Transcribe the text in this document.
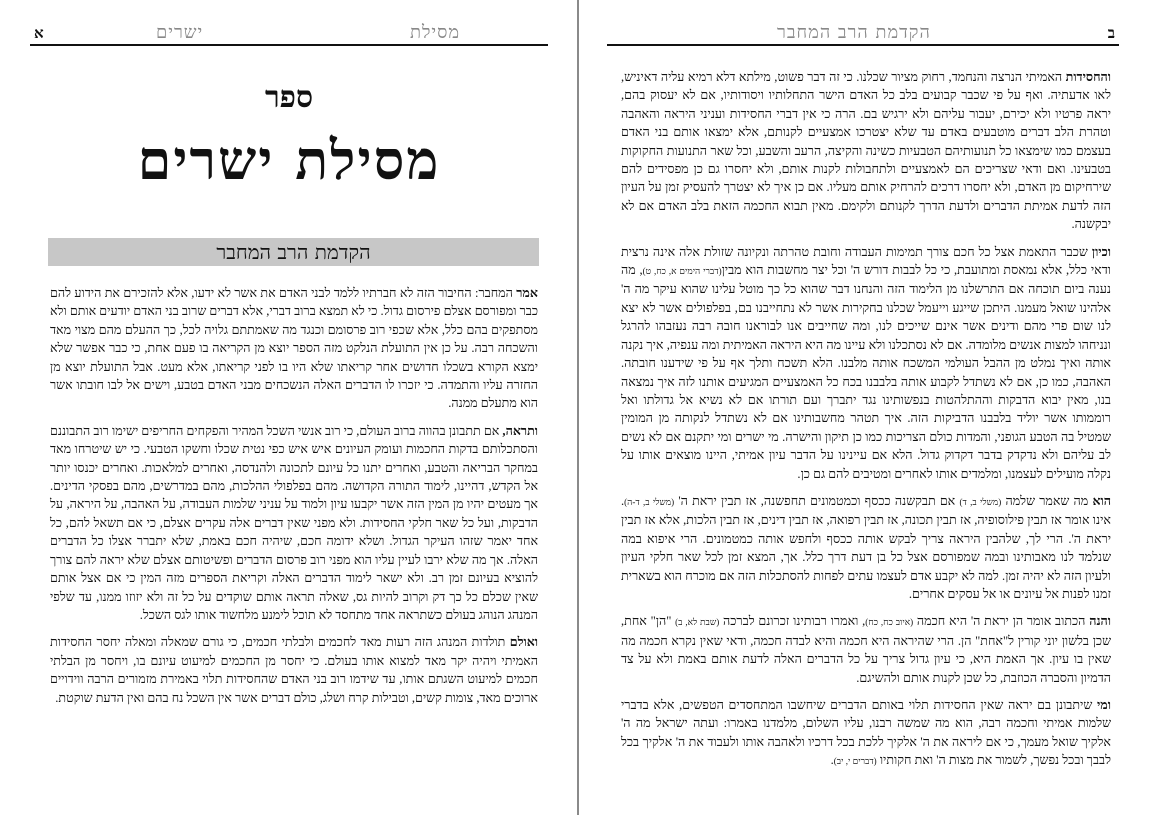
א	ישרים	מסילת
ספר
מסילת ישרים
הקדמת הרב המחבר

אמר המחבר: החיבור הזה לא חברתיו ללמד לבני האדם את אשר לא ידעו, אלא להזכירם את הידוע להם כבר ומפורסם אצלם פירסום גדול. כי לא תמצא ברוב דברי, אלא דברים שרוב בני האדם יודעים אותם ולא מסתפקים בהם כלל, אלא שכפי רוב פרסומם וכנגד מה שאמתתם גלויה לכל, כך ההעלם מהם מצוי מאד והשכחה רבה. על כן אין התועלת הנלקט מזה הספר יוצא מן הקריאה בו פעם אחת, כי כבר אפשר שלא ימצא הקורא בשכלו חדושים אחר קריאתו שלא היו בו לפני קריאתו, אלא מעט. אבל התועלת יוצא מן החזרה עליו והתמדה. כי יזכרו לו הדברים האלה הנשכחים מבני האדם בטבע, וישים אל לבו חובתו אשר הוא מתעלם ממנה.

ותראה, אם תתבונן בהווה ברוב העולם, כי רוב אנשי השכל המהיר והפקחים החריפים ישימו רוב התבוננם והסתכלותם בדקות החכמות ועומק העיונים איש איש כפי נטית שכלו וחשקו הטבעי. כי יש שיטרחו מאד במחקר הבריאה והטבע, ואחרים יתנו כל עיונם לתכונה ולהנדסה, ואחרים למלאכות. ואחרים יכנסו יותר אל הקדש, דהיינו, לימוד התורה הקדושה. מהם בפלפולי ההלכות, מהם במדרשים, מהם בפסקי הדינים. אך מעטים יהיו מן המין הזה אשר יקבעו עיון ולמוד על עניני שלמות העבודה, על האהבה, על היראה, על הדבקות, ועל כל שאר חלקי החסידות. ולא מפני שאין דברים אלה עקרים אצלם, כי אם תשאל להם, כל אחד יאמר שזהו העיקר הגדול. ושלא ידומה חכם, שיהיה חכם באמת, שלא יתברר אצלו כל הדברים האלה. אך מה שלא ירבו לעיין עליו הוא מפני רוב פרסום הדברים ופשיטותם אצלם שלא יראה להם צורך להוציא בעיונם זמן רב. ולא ישאר לימוד הדברים האלה וקריאת הספרים מזה המין כי אם אצל אותם שאין שכלם כל כך דק וקרוב להיות גס, שאלה תראה אותם שוקדים על כל זה ולא יזוזו ממנו, עד שלפי המנהג הנוהג בעולם כשתראה אחד מתחסד לא תוכל לימנע מלחשוד אותו לגס השכל.

ואולם תולדות המנהג הזה רעות מאד לחכמים ולבלתי חכמים, כי גורם שמאלה ומאלה יחסר החסידות האמיתי ויהיה יקר מאד למצוא אותו בעולם. כי יחסר מן החכמים למיעוט עיונם בו, ויחסר מן הבלתי חכמים למיעוט השגתם אותו, עד שידמו רוב בני האדם שהחסידות תלוי באמירת מזמורים הרבה ווידויים ארוכים מאד, צומות קשים, וטבילות קרח ושלג, כולם דברים אשר אין השכל נח בהם ואין הדעת שוקטת.

ב
הקדמת הרב המחבר

והחסידות האמיתי הנרצה והנחמד, רחוק מציור שכלנו. כי זה דבר פשוט, מילתא דלא רמיא עליה דאיניש, לאו אדעתיה. ואף על פי שכבר קבועים בלב כל האדם הישר התחלותיו ויסודותיו, אם לא יעסוק בהם, יראה פרטיו ולא יכירם, יעבור עליהם ולא ירגיש בם. הרה כי אין דברי החסידות ועניני היראה והאהבה וטהרת הלב דברים מוטבעים באדם עד שלא יצטרכו אמצעיים לקנותם, אלא ימצאו אותם בני האדם בעצמם כמו שימצאו כל תנועותיהם הטבעיות כשינה והקיצה, הרעב והשבע, וכל שאר התנועות החקוקות בטבעינו. ואם ודאי שצריכים הם לאמצעיים ולתחבולות לקנות אותם, ולא יחסרו גם כן מפסידים להם שירחיקום מן האדם, ולא יחסרו דרכים להרחיק אותם מעליו. אם כן איך לא יצטרך להעסיק זמן על העיון הזה לדעת אמיתת הדברים ולדעת הדרך לקנותם ולקימם. מאין תבוא החכמה הזאת בלב האדם אם לא יבקשנה.

וכיון שכבר התאמת אצל כל חכם צורך תמימות העבודה וחובת טהרתה ונקיונה שזולת אלה אינה נרצית ודאי כלל, אלא נמאסת ומתועבת, כי כל לבבות דורש ה' וכל יצר מחשבות הוא מבין(דברי הימים א, כח, ט), מה נענה ביום תוכחה אם התרשלנו מן הלימוד הזה והנחנו דבר שהוא כל כך מוטל עלינו שהוא עיקר מה ה' אלהינו שואל מעמנו. היתכן שייגע וייעמל שכלנו בחקירות אשר לא נתחייבנו בם, בפלפולים אשר לא יצא לנו שום פרי מהם ודינים אשר אינם שייכים לנו, ומה שחייבים אנו לבוראנו חובה רבה נעזבהו להרגל ונניחהו למצות אנשים מלומדה. אם לא נסתכלנו ולא עיינו מה היא היראה האמיתית ומה ענפיה, איך נקנה אותה ואיך נמלט מן ההבל העולמי המשכח אותה מלבנו. הלא תשכח ותלך אף על פי שידענו חובתה. האהבה, כמו כן, אם לא נשתדל לקבוע אותה בלבבנו בכח כל האמצעיים המגיעים אותנו לזה איך נמצאה בנו, מאין יבוא הדבקות וההתלהטות בנפשותינו נגד יתברך ועם תורתו אם לא נשיא אל גדולתו ואל רוממותו אשר יוליד בלבבנו הדביקות הזה. איך תטהר מחשבותינו אם לא נשתדל לנקותה מן המומין שמטיל בה הטבע הגופני, והמדות כולם הצריכות כמו כן תיקון והישרה. מי ישרים ומי יתקנם אם לא נשים לב עליהם ולא נדקדק בדבר דקדוק גדול. הלא אם עיינינו על הדבר עיון אמיתי, היינו מוצאים אותו על נקלה מועילים לעצמנו, ומלמדים אותו לאחרים ומטיבים להם גם כן.

הוא מה שאמר שלמה (משלי ב, ד) אם תבקשנה ככסף וכמטמונים תחפשנה, אז תבין יראת ה' (משלי ב, ד-ה). אינו אומר אז תבין פילוסופיה, אז תבין תכונה, אז תבין רפואה, אז תבין דינים, אז תבין הלכות, אלא אז תבין יראת ה'. הרי לך, שלהבין היראה צריך לבקש אותה ככסף ולחפש אותה כמטמונים. הרי איפוא במה שנלמד לנו מאבותינו ובמה שמפורסם אצל כל בן דעת דרך כלל. אך, המצא זמן לכל שאר חלקי העיון ולעיון הזה לא יהיה זמן. למה לא יקבע אדם לעצמו עתים לפחות להסתכלות הזה אם מוכרח הוא בשארית זמנו לפנות אל עיונים או אל עסקים אחרים.

והנה הכתוב אומר הן יראת ה' היא חכמה (איוב כח, כח), ואמרו רבותינו זכרונם לברכה (שבת לא, ב) "הן" אחת, שכן בלשון יוני קורין ל"אחת" הן. הרי שהיראה היא חכמה והיא לבדה חכמה, ודאי שאין נקרא חכמה מה שאין בו עיון. אך האמת היא, כי עיון גדול צריך על כל הדברים האלה לדעת אותם באמת ולא על צד הדמיון והסברה הכוזבת, כל שכן לקנות אותם ולהשיגם.

ומי שיתבונן בם יראה שאין החסידות תלוי באותם הדברים שיחשבו המתחסדים הטפשים, אלא בדברי שלמות אמיתי וחכמה רבה, הוא מה שמשה רבנו, עליו השלום, מלמדנו באמרו: ועתה ישראל מה ה' אלקיך שואל מעמך, כי אם ליראה את ה' אלקיך ללכת בכל דרכיו ולאהבה אותו ולעבוד את ה' אלקיך בכל לבבך ובכל נפשך, לשמור את מצות ה' ואת חקותיו (דברים י, יב).
